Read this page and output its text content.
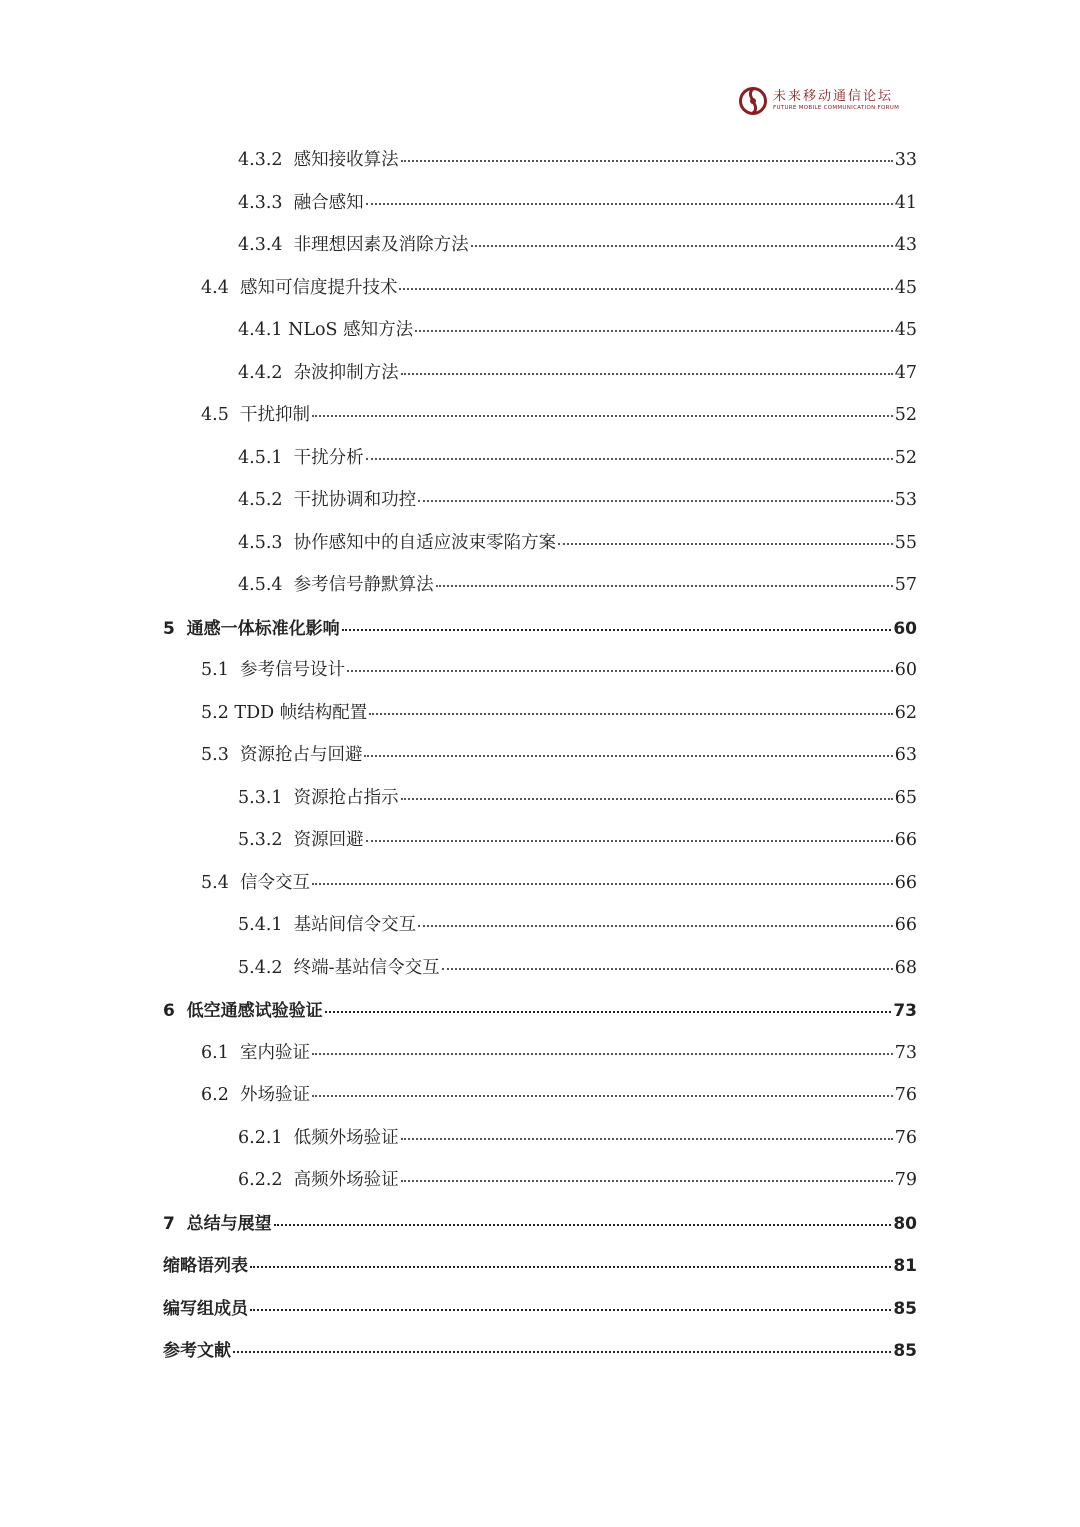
未来移动通信论坛
FUTURE MOBILE COMMUNICATION FORUM
4.3.2  感知接收算法	33
4.3.3  融合感知	41
4.3.4  非理想因素及消除方法	43
4.4  感知可信度提升技术	45
4.4.1 NLoS 感知方法	45
4.4.2  杂波抑制方法	47
4.5  干扰抑制	52
4.5.1  干扰分析	52
4.5.2  干扰协调和功控	53
4.5.3  协作感知中的自适应波束零陷方案	55
4.5.4  参考信号静默算法	57
5  通感一体标准化影响	60
5.1  参考信号设计	60
5.2 TDD 帧结构配置	62
5.3  资源抢占与回避	63
5.3.1  资源抢占指示	65
5.3.2  资源回避	66
5.4  信令交互	66
5.4.1  基站间信令交互	66
5.4.2  终端-基站信令交互	68
6  低空通感试验验证	73
6.1  室内验证	73
6.2  外场验证	76
6.2.1  低频外场验证	76
6.2.2  高频外场验证	79
7  总结与展望	80
缩略语列表	81
编写组成员	85
参考文献	85
